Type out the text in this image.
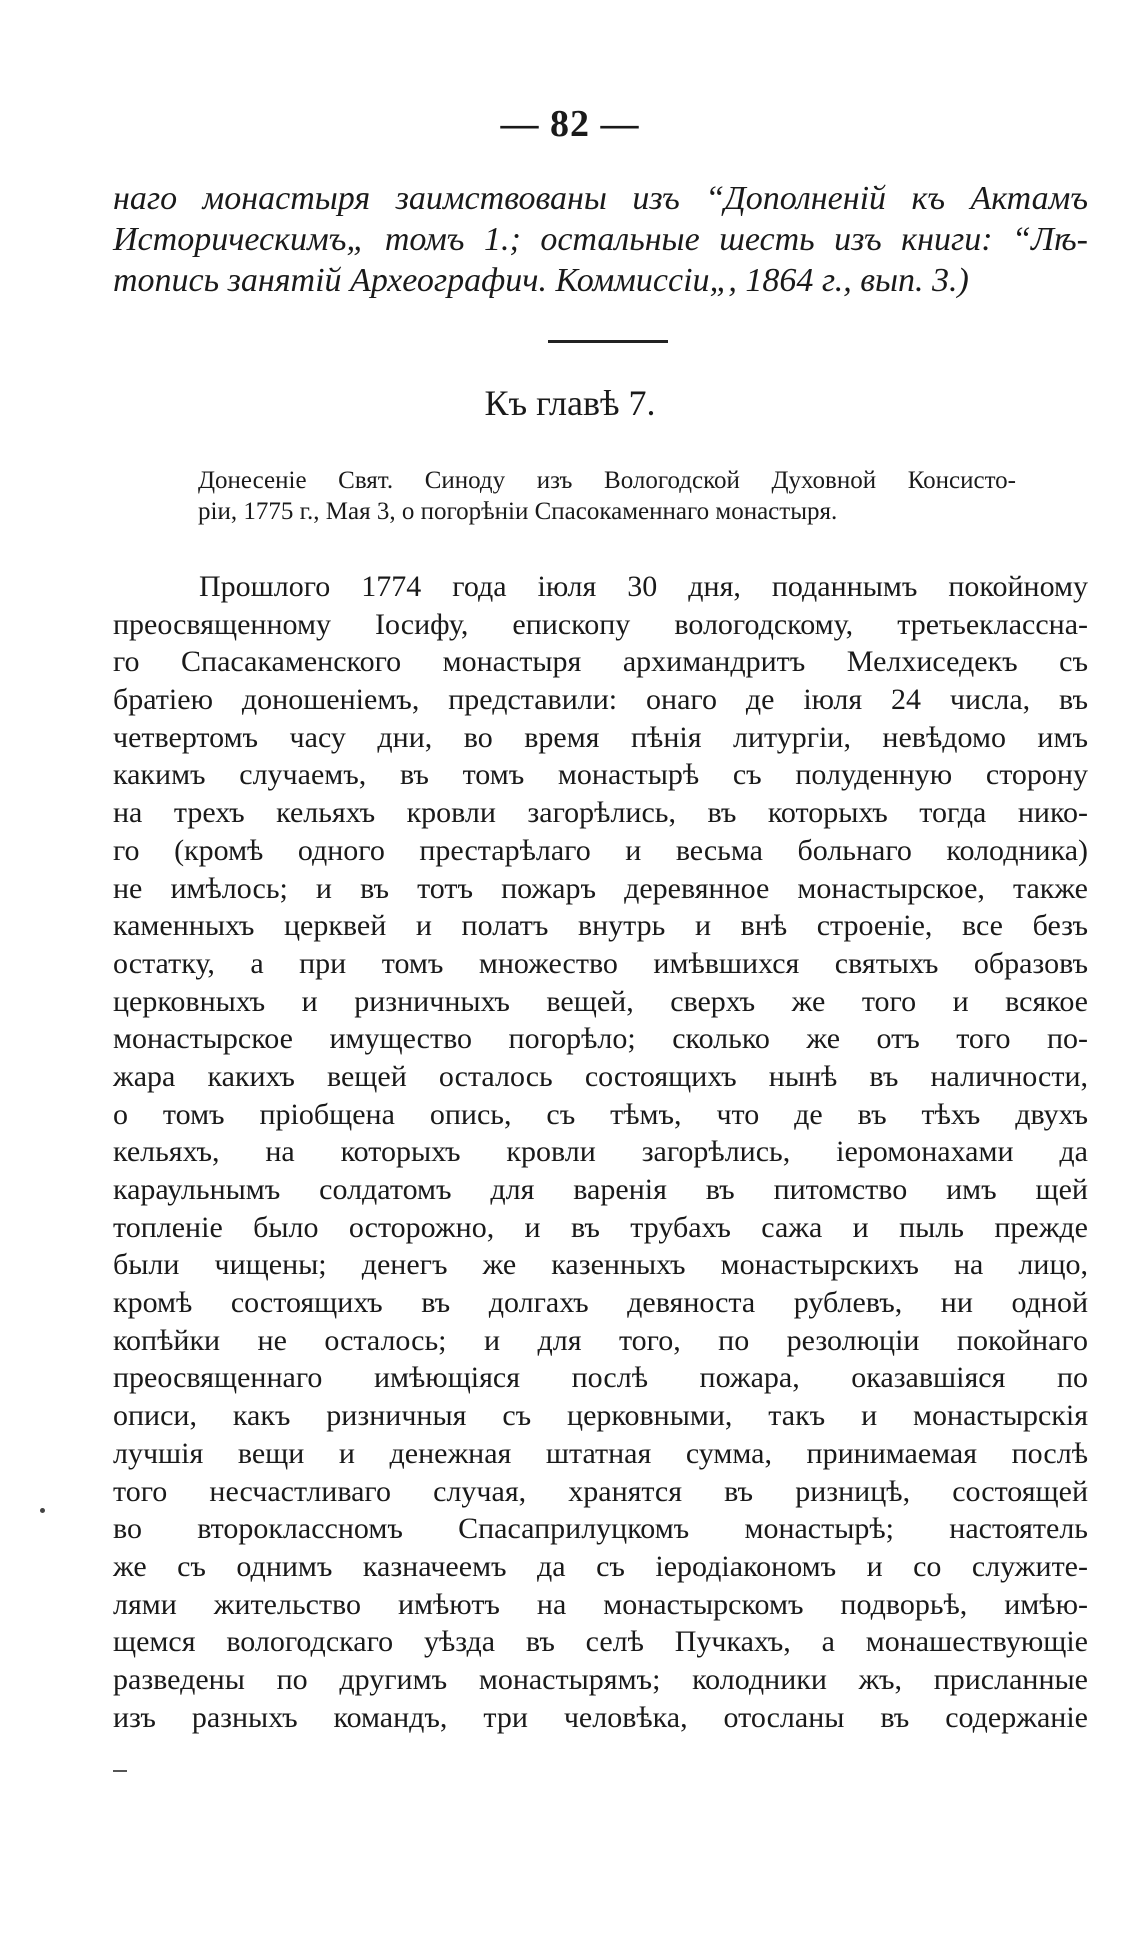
— 82 —
наго монастыря заимствованы изъ “Дополненій къ Актамъ
Историческимъ„ томъ 1.; остальные шесть изъ книги: “Лѣ-
топись занятій Археографич. Коммиссіи„, 1864 г., вып. 3.)
Къ главѣ 7.
Донесеніе Свят. Синоду изъ Вологодской Духовной Консисто-
ріи, 1775 г., Мая 3, о погорѣніи Спасокаменнаго монастыря.
Прошлого 1774 года іюля 30 дня, поданнымъ покойному
преосвященному Іосифу, епископу вологодскому, третьеклассна-
го Спасакаменского монастыря архимандритъ Мелхиседекъ съ
братіею доношеніемъ, представили: онаго де іюля 24 числа, въ
четвертомъ часу дни, во время пѣнія литургіи, невѣдомо имъ
какимъ случаемъ, въ томъ монастырѣ съ полуденную сторону
на трехъ кельяхъ кровли загорѣлись, въ которыхъ тогда нико-
го (кромѣ одного престарѣлаго и весьма больнаго колодника)
не имѣлось; и въ тотъ пожаръ деревянное монастырское, также
каменныхъ церквей и полатъ внутрь и внѣ строеніе, все безъ
остатку, а при томъ множество имѣвшихся святыхъ образовъ
церковныхъ и ризничныхъ вещей, сверхъ же того и всякое
монастырское имущество погорѣло; сколько же отъ того по-
жара какихъ вещей осталось состоящихъ нынѣ въ наличности,
о томъ пріобщена опись, съ тѣмъ, что де въ тѣхъ двухъ
кельяхъ, на которыхъ кровли загорѣлись, іеромонахами да
караульнымъ солдатомъ для варенія въ питомство имъ щей
топленіе было осторожно, и въ трубахъ сажа и пыль прежде
были чищены; денегъ же казенныхъ монастырскихъ на лицо,
кромѣ состоящихъ въ долгахъ девяноста рублевъ, ни одной
копѣйки не осталось; и для того, по резолюціи покойнаго
преосвященнаго имѣющіяся послѣ пожара, оказавшіяся по
описи, какъ ризничныя съ церковными, такъ и монастырскія
лучшія вещи и денежная штатная сумма, принимаемая послѣ
того несчастливаго случая, хранятся въ ризницѣ, состоящей
во второклассномъ Спасаприлуцкомъ монастырѣ; настоятель
же съ однимъ казначеемъ да съ іеродіакономъ и со служите-
лями жительство имѣютъ на монастырскомъ подворьѣ, имѣю-
щемся вологодскаго уѣзда въ селѣ Пучкахъ, а монашествующіе
разведены по другимъ монастырямъ; колодники жъ, присланные
изъ разныхъ командъ, три человѣка, отосланы въ содержаніе
